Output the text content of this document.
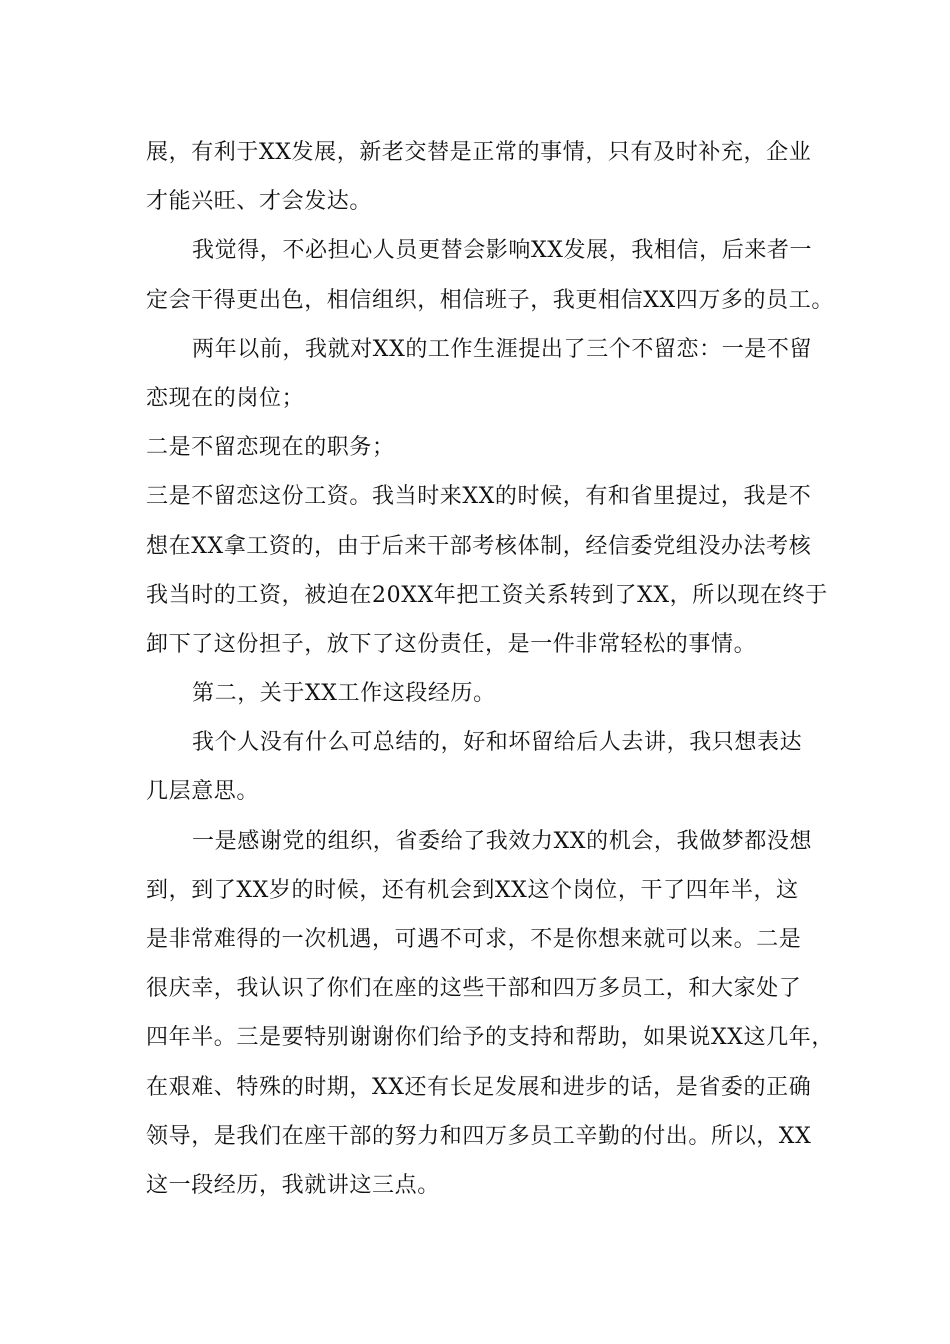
展，有利于XX发展，新老交替是正常的事情，只有及时补充，企业
才能兴旺、才会发达。
我觉得，不必担心人员更替会影响XX发展，我相信，后来者一
定会干得更出色，相信组织，相信班子，我更相信XX四万多的员工。
两年以前，我就对XX的工作生涯提出了三个不留恋：一是不留
恋现在的岗位；
二是不留恋现在的职务；
三是不留恋这份工资。我当时来XX的时候，有和省里提过，我是不
想在XX拿工资的，由于后来干部考核体制，经信委党组没办法考核
我当时的工资，被迫在20XX年把工资关系转到了XX，所以现在终于
卸下了这份担子，放下了这份责任，是一件非常轻松的事情。
第二，关于XX工作这段经历。
我个人没有什么可总结的，好和坏留给后人去讲，我只想表达
几层意思。
一是感谢党的组织，省委给了我效力XX的机会，我做梦都没想
到，到了XX岁的时候，还有机会到XX这个岗位，干了四年半，这
是非常难得的一次机遇，可遇不可求，不是你想来就可以来。二是
很庆幸，我认识了你们在座的这些干部和四万多员工，和大家处了
四年半。三是要特别谢谢你们给予的支持和帮助，如果说XX这几年，
在艰难、特殊的时期，XX还有长足发展和进步的话，是省委的正确
领导，是我们在座干部的努力和四万多员工辛勤的付出。所以，XX
这一段经历，我就讲这三点。
